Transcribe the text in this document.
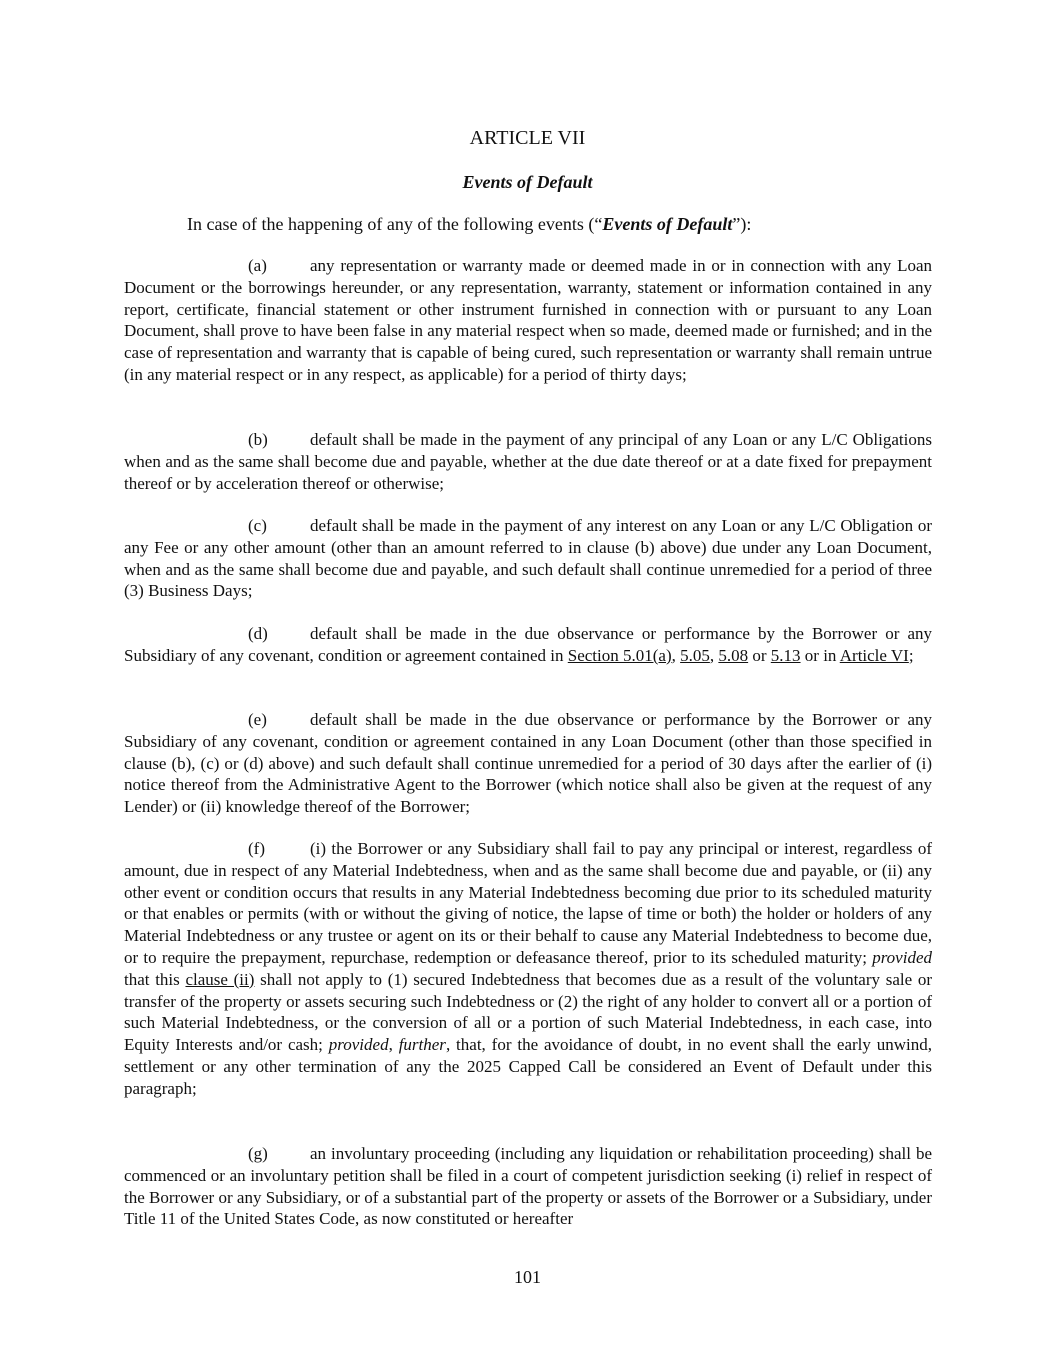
ARTICLE VII
Events of Default
In case of the happening of any of the following events (“Events of Default”):

(a)	any representation or warranty made or deemed made in or in connection with any Loan Document or the borrowings hereunder, or any representation, warranty, statement or information contained in any report, certificate, financial statement or other instrument furnished in connection with or pursuant to any Loan Document, shall prove to have been false in any material respect when so made, deemed made or furnished; and in the case of representation and warranty that is capable of being cured, such representation or warranty shall remain untrue (in any material respect or in any respect, as applicable) for a period of thirty days;

(b) default shall be made in the payment of any principal of any Loan or any L/C Obligations when and as the same shall become due and payable, whether at the due date thereof or at a date fixed for prepayment thereof or by acceleration thereof or otherwise;

(c)	default shall be made in the payment of any interest on any Loan or any L/C Obligation or any Fee or any other amount (other than an amount referred to in clause (b) above) due under any Loan Document, when and as the same shall become due and payable, and such default shall continue unremedied for a period of three (3) Business Days;

(d) default shall be made in the due observance or performance by the Borrower or any Subsidiary of any covenant, condition or agreement contained in Section 5.01(a), 5.05, 5.08 or 5.13 or in Article VI;

(e)	default shall be made in the due observance or performance by the Borrower or any Subsidiary of any covenant, condition or agreement contained in any Loan Document (other than those specified in clause (b), (c) or (d) above) and such default shall continue unremedied for a period of 30 days after the earlier of (i) notice thereof from the Administrative Agent to the Borrower (which notice shall also be given at the request of any Lender) or (ii) knowledge thereof of the Borrower;

(f)	(i) the Borrower or any Subsidiary shall fail to pay any principal or interest, regardless of amount, due in respect of any Material Indebtedness, when and as the same shall become due and payable, or (ii) any other event or condition occurs that results in any Material Indebtedness becoming due prior to its scheduled maturity or that enables or permits (with or without the giving of notice, the lapse of time or both) the holder or holders of any Material Indebtedness or any trustee or agent on its or their behalf to cause any Material Indebtedness to become due, or to require the prepayment, repurchase, redemption or defeasance thereof, prior to its scheduled maturity; provided that this clause (ii) shall not apply to (1) secured Indebtedness that becomes due as a result of the voluntary sale or transfer of the property or assets securing such Indebtedness or (2) the right of any holder to convert all or a portion of such Material Indebtedness, or the conversion of all or a portion of such Material Indebtedness, in each case, into Equity Interests and/or cash; provided, further, that, for the avoidance of doubt, in no event shall the early unwind, settlement or any other termination of any the 2025 Capped Call be considered an Event of Default under this paragraph;

(g) an involuntary proceeding (including any liquidation or rehabilitation proceeding) shall be commenced or an involuntary petition shall be filed in a court of competent jurisdiction seeking (i) relief in respect of the Borrower or any Subsidiary, or of a substantial part of the property or assets of the Borrower or a Subsidiary, under Title 11 of the United States Code, as now constituted or hereafter

101
